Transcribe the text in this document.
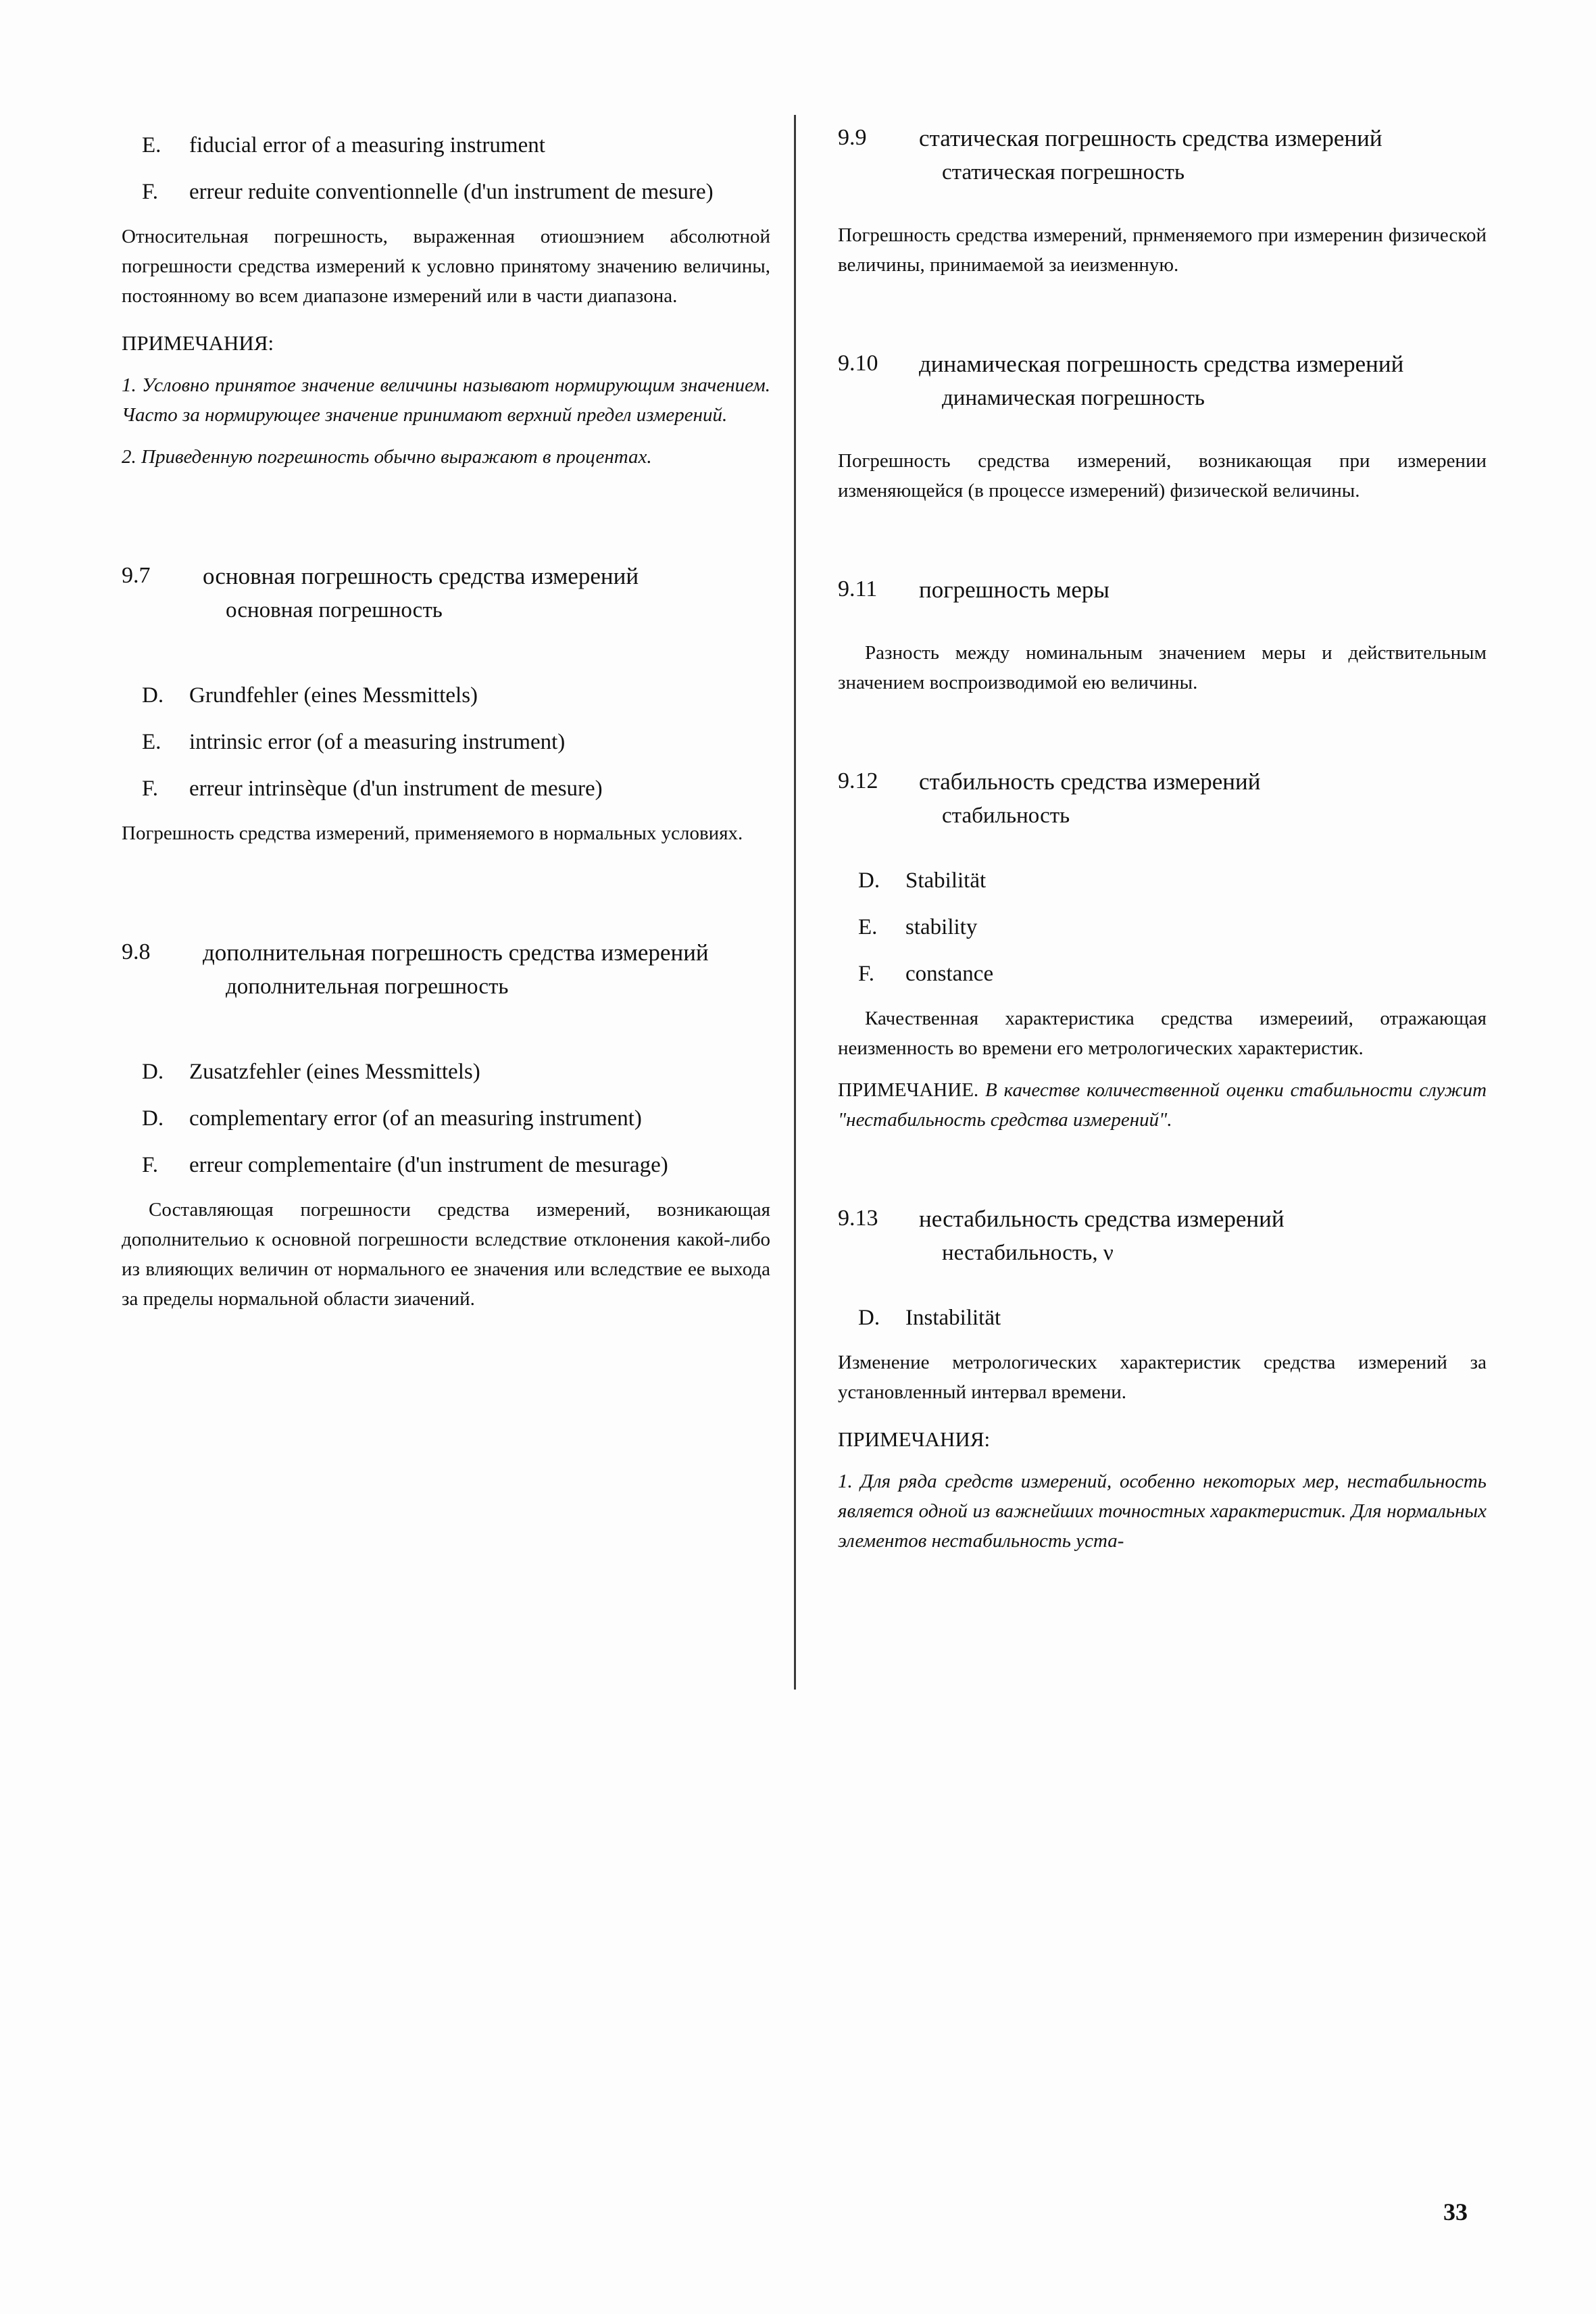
E.	fiducial error of a measuring instrument
F.	erreur reduite conventionnelle (d'un instrument de mesure)
Относительная погрешность, выраженная отиошэнием абсолютной погрешности средства измерений к условно принятому значению величины, постоянному во всем диапазоне измерений или в части диапазона.
ПРИМЕЧАНИЯ:
1. Условно принятое значение величины называют нормирующим значением. Часто за нормирующее значение принимают верхний предел измерений.
2. Приведенную погрешность обычно выражают в процентах.
9.7	основная погрешность средства измерений
основная погрешность
D.	Grundfehler (eines Messmittels)
E.	intrinsic error (of a measuring instrument)
F.	erreur intrinsèque (d'un instrument de mesure)
Погрешность средства измерений, применяемого в нормальных условиях.
9.8	дополнительная погрешность средства измерений
дополнительная погрешность
D.	Zusatzfehler (eines Messmittels)
D.	complementary error (of an measuring instrument)
F.	erreur complementaire (d'un instrument de mesurage)
Составляющая погрешности средства измерений, возникающая дополнительио к основной погрешности вследствие отклонения какой-либо из влияющих величин от нормального ее значения или вследствие ее выхода за пределы нормальной области зиачений.
9.9	статическая погрешность средства измерений
статическая погрешность
Погрешность средства измерений, прнменяемого при измеренин физической величины, принимаемой за иеизменную.
9.10	динамическая погрешность средства измерений
динамическая погрешность
Погрешность средства измерений, возникающая при измерении изменяющейся (в процессе измерений) физической величины.
9.11	погрешность меры
Разность между номинальным значением меры и действительным значением воспроизводимой ею величины.
9.12	стабильность средства измерений
стабильность
D.	Stabilität
E.	stability
F.	constance
Качественная характеристика средства измереиий, отражающая неизменность во времени его метрологических характеристик.
ПРИМЕЧАНИЕ. В качестве количественной оценки стабильности служит "нестабильность средства измерений".
9.13	нестабильность средства измерений
нестабильность, ν
D.	Instabilität
Изменение метрологических характеристик средства измерений за установленный интервал времени.
ПРИМЕЧАНИЯ:
1. Для ряда средств измерений, особенно некоторых мер, нестабильность является одной из важнейших точностных характеристик. Для нормальных элементов нестабильность уста-
33
